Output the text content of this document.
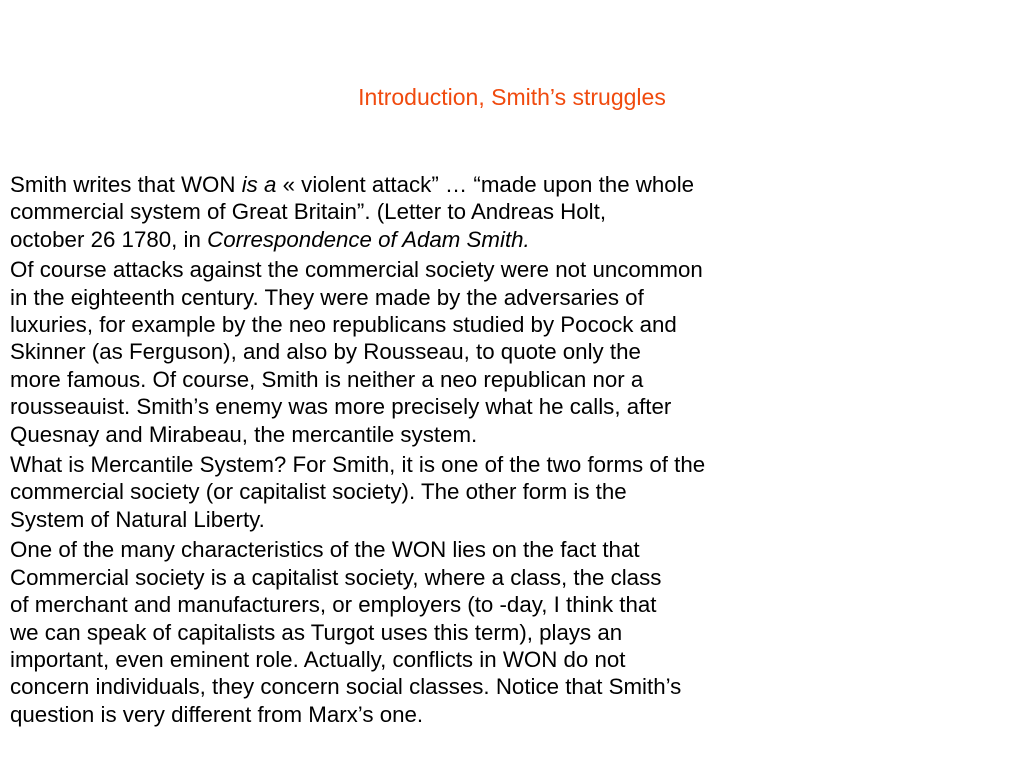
Introduction, Smith’s struggles
Smith writes that WON is a « violent attack” … “made upon the whole
commercial system of Great Britain”. (Letter to Andreas Holt,
october 26 1780, in Correspondence of Adam Smith.
Of course attacks against the commercial society were not uncommon
in the eighteenth century. They were made by the adversaries of
luxuries, for example by the neo republicans studied by Pocock and
Skinner (as Ferguson), and also by Rousseau, to quote only the
more famous. Of course, Smith is neither a neo republican nor a
rousseauist. Smith’s enemy was more precisely what he calls, after
Quesnay and Mirabeau, the mercantile system.
What is Mercantile System? For Smith, it is one of the two forms of the
commercial society (or capitalist society). The other form is the
System of Natural Liberty.
One of the many characteristics of the WON lies on the fact that
Commercial society is a capitalist society, where a class, the class
of merchant and manufacturers, or employers (to -day, I think that
we can speak of capitalists as Turgot uses this term), plays an
important, even eminent role. Actually, conflicts in WON do not
concern individuals, they concern social classes. Notice that Smith’s
question is very different from Marx’s one.
